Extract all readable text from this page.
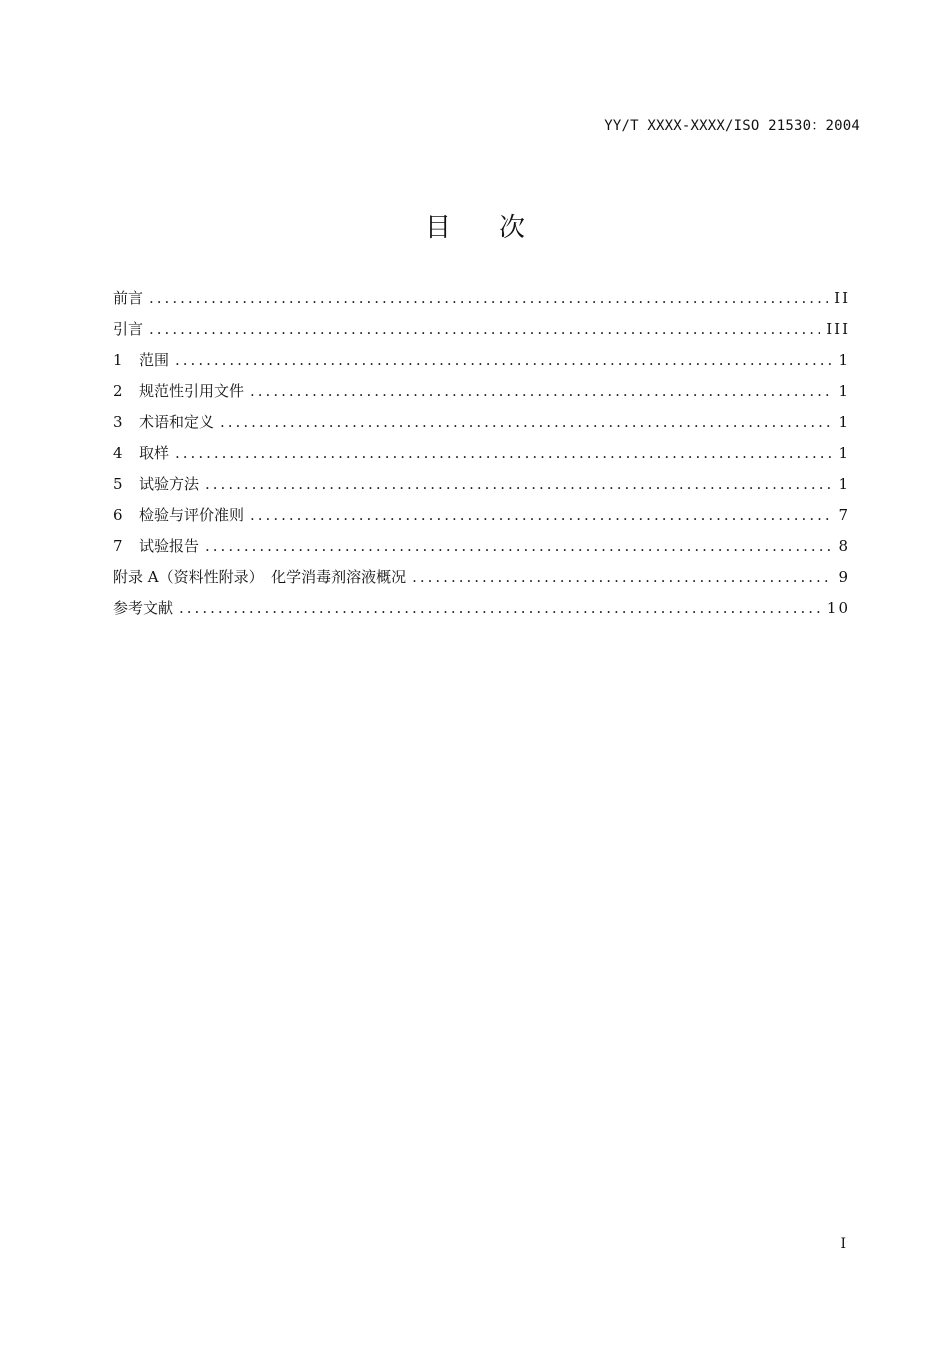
YY/T XXXX-XXXX/ISO 21530：2004
目次
前言 .....	II
引言 .....	III
1	范围 .....	1
2	规范性引用文件 .....	1
3	术语和定义 .....	1
4	取样 .....	1
5	试验方法 .....	1
6	检验与评价准则 .....	7
7	试验报告 .....	8
附录 A（资料性附录）　化学消毒剂溶液概况 .....	9
参考文献 .....	10
I
